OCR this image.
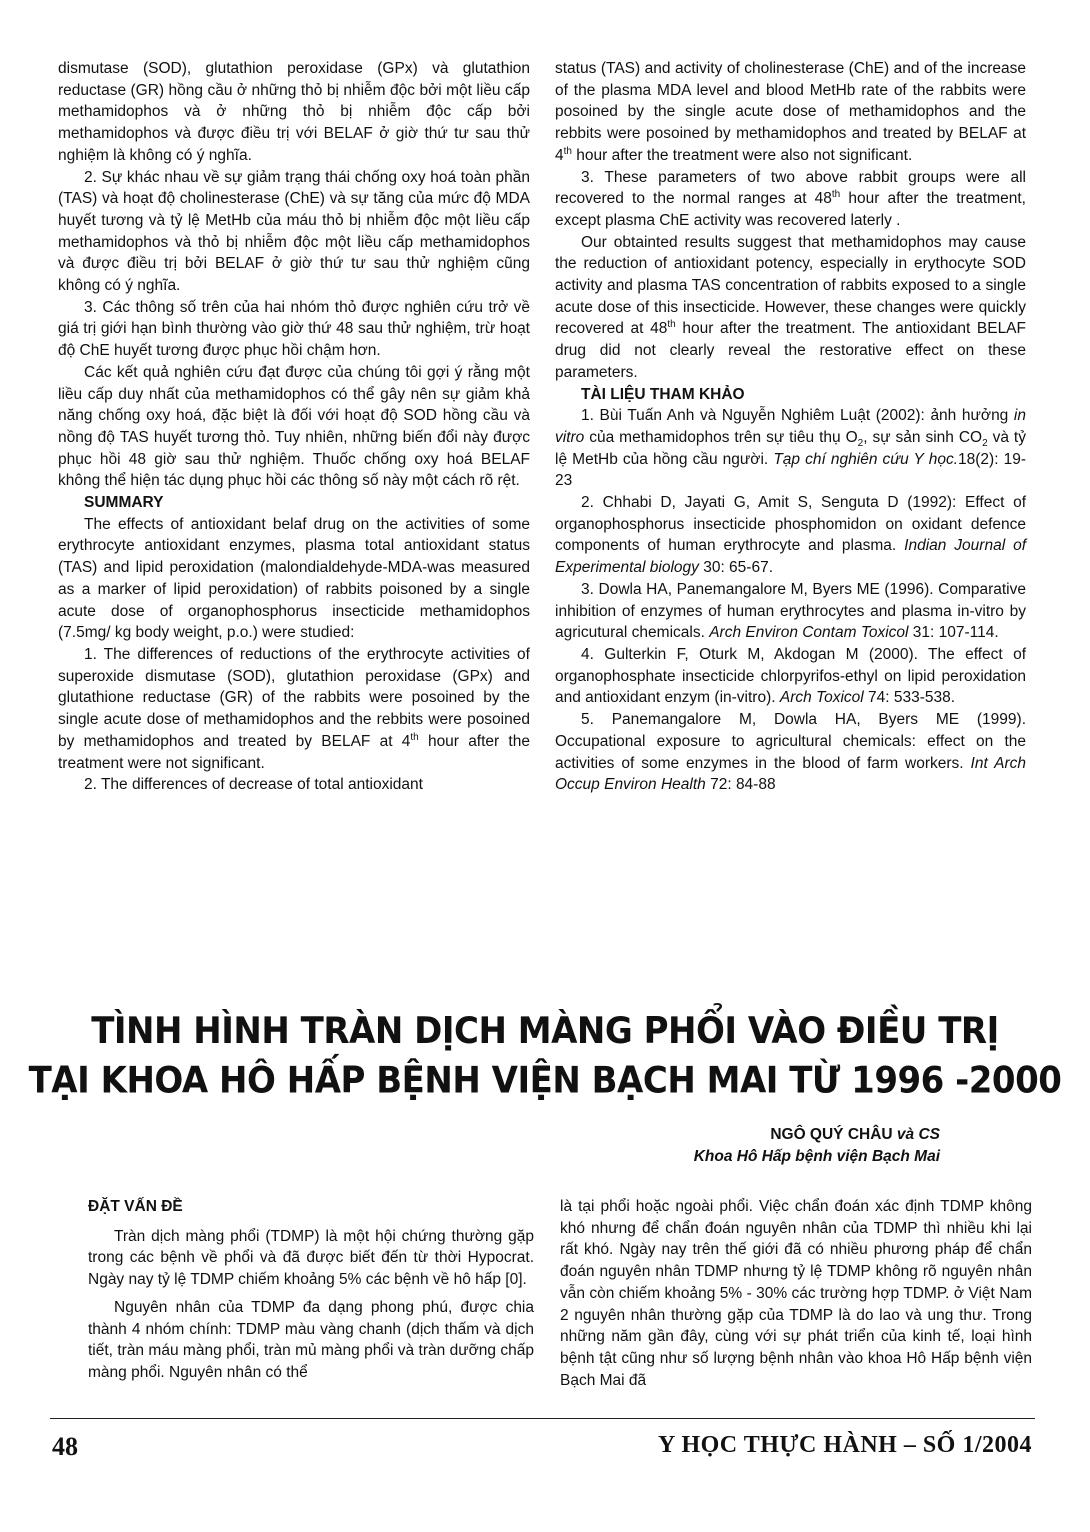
dismutase (SOD), glutathion peroxidase (GPx) và glutathion reductase (GR) hồng cầu ở những thỏ bị nhiễm độc bởi một liều cấp methamidophos và ở những thỏ bị nhiễm độc cấp bởi methamidophos và được điều trị với BELAF ở giờ thứ tư sau thử nghiệm là không có ý nghĩa.

2. Sự khác nhau về sự giảm trạng thái chống oxy hoá toàn phần (TAS) và hoạt độ cholinesterase (ChE) và sự tăng của mức độ MDA huyết tương và tỷ lệ MetHb của máu thỏ bị nhiễm độc một liều cấp methamidophos và thỏ bị nhiễm độc một liều cấp methamidophos và được điều trị bởi BELAF ở giờ thứ tư sau thử nghiệm cũng không có ý nghĩa.

3. Các thông số trên của hai nhóm thỏ được nghiên cứu trở về giá trị giới hạn bình thường vào giờ thứ 48 sau thử nghiệm, trừ hoạt độ ChE huyết tương được phục hồi chậm hơn.

Các kết quả nghiên cứu đạt được của chúng tôi gợi ý rằng một liều cấp duy nhất của methamidophos có thể gây nên sự giảm khả năng chống oxy hoá, đặc biệt là đối với hoạt độ SOD hồng cầu và nồng độ TAS huyết tương thỏ. Tuy nhiên, những biến đổi này được phục hồi 48 giờ sau thử nghiệm. Thuốc chống oxy hoá BELAF không thể hiện tác dụng phục hồi các thông số này một cách rõ rệt.

SUMMARY

The effects of antioxidant belaf drug on the activities of some erythrocyte antioxidant enzymes, plasma total antioxidant status (TAS) and lipid peroxidation (malondialdehyde-MDA-was measured as a marker of lipid peroxidation) of rabbits poisoned by a single acute dose of organophosphorus insecticide methamidophos (7.5mg/ kg body weight, p.o.) were studied:

1. The differences of reductions of the erythrocyte activities of superoxide dismutase (SOD), glutathion peroxidase (GPx) and glutathione reductase (GR) of the rabbits were posoined by the single acute dose of methamidophos and the rebbits were posoined by methamidophos and treated by BELAF at 4th hour after the treatment were not significant.

2. The differences of decrease of total antioxidant

status (TAS) and activity of cholinesterase (ChE) and of the increase of the plasma MDA level and blood MetHb rate of the rabbits were posoined by the single acute dose of methamidophos and the rebbits were posoined by methamidophos and treated by BELAF at 4th hour after the treatment were also not significant.

3. These parameters of two above rabbit groups were all recovered to the normal ranges at 48th hour after the treatment, except plasma ChE activity was recovered laterly .

Our obtainted results suggest that methamidophos may cause the reduction of antioxidant potency, especially in erythocyte SOD activity and plasma TAS concentration of rabbits exposed to a single acute dose of this insecticide. However, these changes were quickly recovered at 48th hour after the treatment. The antioxidant BELAF drug did not clearly reveal the restorative effect on these parameters.

TÀI LIỆU THAM KHẢO

1. Bùi Tuấn Anh và Nguyễn Nghiêm Luật (2002): ảnh hưởng in vitro của methamidophos trên sự tiêu thụ $O_2$, sự sản $\sinh CO_2$ và tỷ lệ MetHb của hồng cầu người. Tạp chí nghiên cứu Y học.18(2): 19-23

2. Chhabi D, Jayati G, Amit S, Senguta D (1992): Effect of organophosphorus insecticide phosphomidon on oxidant defence components of human erythrocyte and plasma. Indian Journal of Experimental biology 30: 65-67.

3. Dowla HA, Panemangalore M, Byers ME (1996). Comparative inhibition of enzymes of human erythrocytes and plasma in-vitro by agricutural chemicals. Arch Environ Contam Toxicol 31: 107-114.

4. Gulterkin F, Oturk M, Akdogan M (2000). The effect of organophosphate insecticide chlorpyrifos-ethyl on lipid peroxidation and antioxidant enzym (in-vitro). Arch Toxicol 74: 533-538.

5. Panemangalore M, Dowla HA, Byers ME (1999). Occupational exposure to agricultural chemicals: effect on the activities of some enzymes in the blood of farm workers. Int Arch Occup Environ Health 72: 84-88

TÌNH HÌNH TRÀN DỊCH MÀNG PHỔI VÀO ĐIỀU TRỊ
TẠI KHOA HÔ HẤP BỆNH VIỆN BẠCH MAI TỪ 1996 -2000
NGÔ QUÝ CHÂU và CS
Khoa Hô Hấp bệnh viện Bạch Mai
ĐẶT VẤN ĐỀ

Tràn dịch màng phổi (TDMP) là một hội chứng thường gặp trong các bệnh về phổi và đã được biết đến từ thời Hypocrat. Ngày nay tỷ lệ TDMP chiếm khoảng 5% các bệnh về hô hấp [0].

Nguyên nhân của TDMP đa dạng phong phú, được chia thành 4 nhóm chính: TDMP màu vàng chanh (dịch thấm và dịch tiết, tràn máu màng phổi, tràn mủ màng phổi và tràn dưỡng chấp màng phổi. Nguyên nhân có thể

là tại phổi hoặc ngoài phổi. Việc chẩn đoán xác định TDMP không khó nhưng để chẩn đoán nguyên nhân của TDMP thì nhiều khi lại rất khó. Ngày nay trên thế giới đã có nhiều phương pháp để chẩn đoán nguyên nhân TDMP nhưng tỷ lệ TDMP không rõ nguyên nhân vẫn còn chiếm khoảng 5% - 30% các trường hợp TDMP. ở Việt Nam 2 nguyên nhân thường gặp của TDMP là do lao và ung thư. Trong những năm gần đây, cùng với sự phát triển của kinh tế, loại hình bệnh tật cũng như số lượng bệnh nhân vào khoa Hô Hấp bệnh viện Bạch Mai đã

48	Y HỌC THỰC HÀNH – SỐ 1/2004
